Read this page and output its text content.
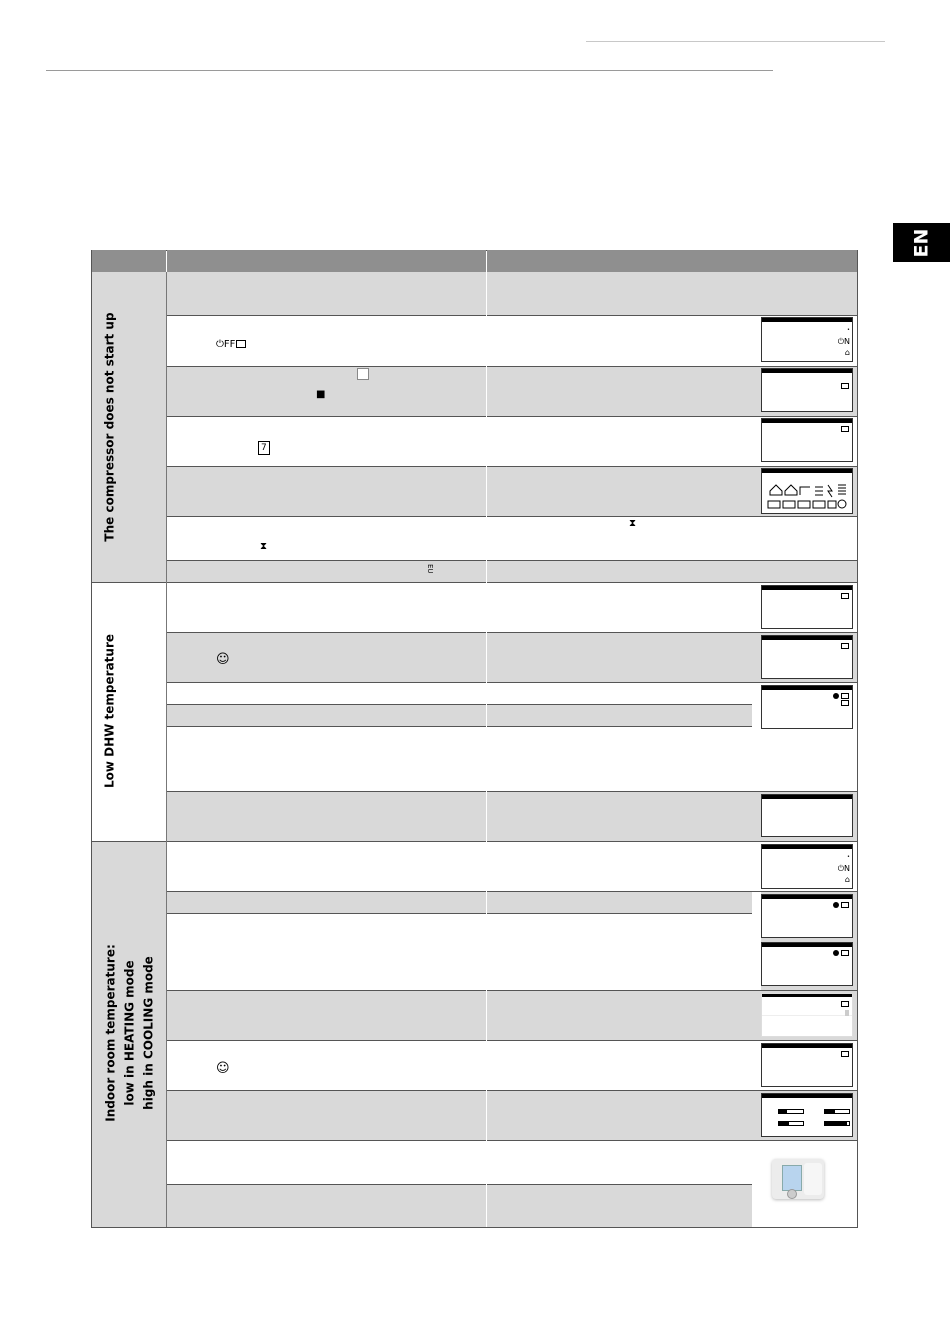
EN
The compressor does not start up
Low DHW temperature
Indoor room temperature: low in HEATING mode high in COOLING mode
⏻FF
■
7
⧗
⧗
EU
☺
☺
•
⏻N
⌂
•
⏻N
⌂
